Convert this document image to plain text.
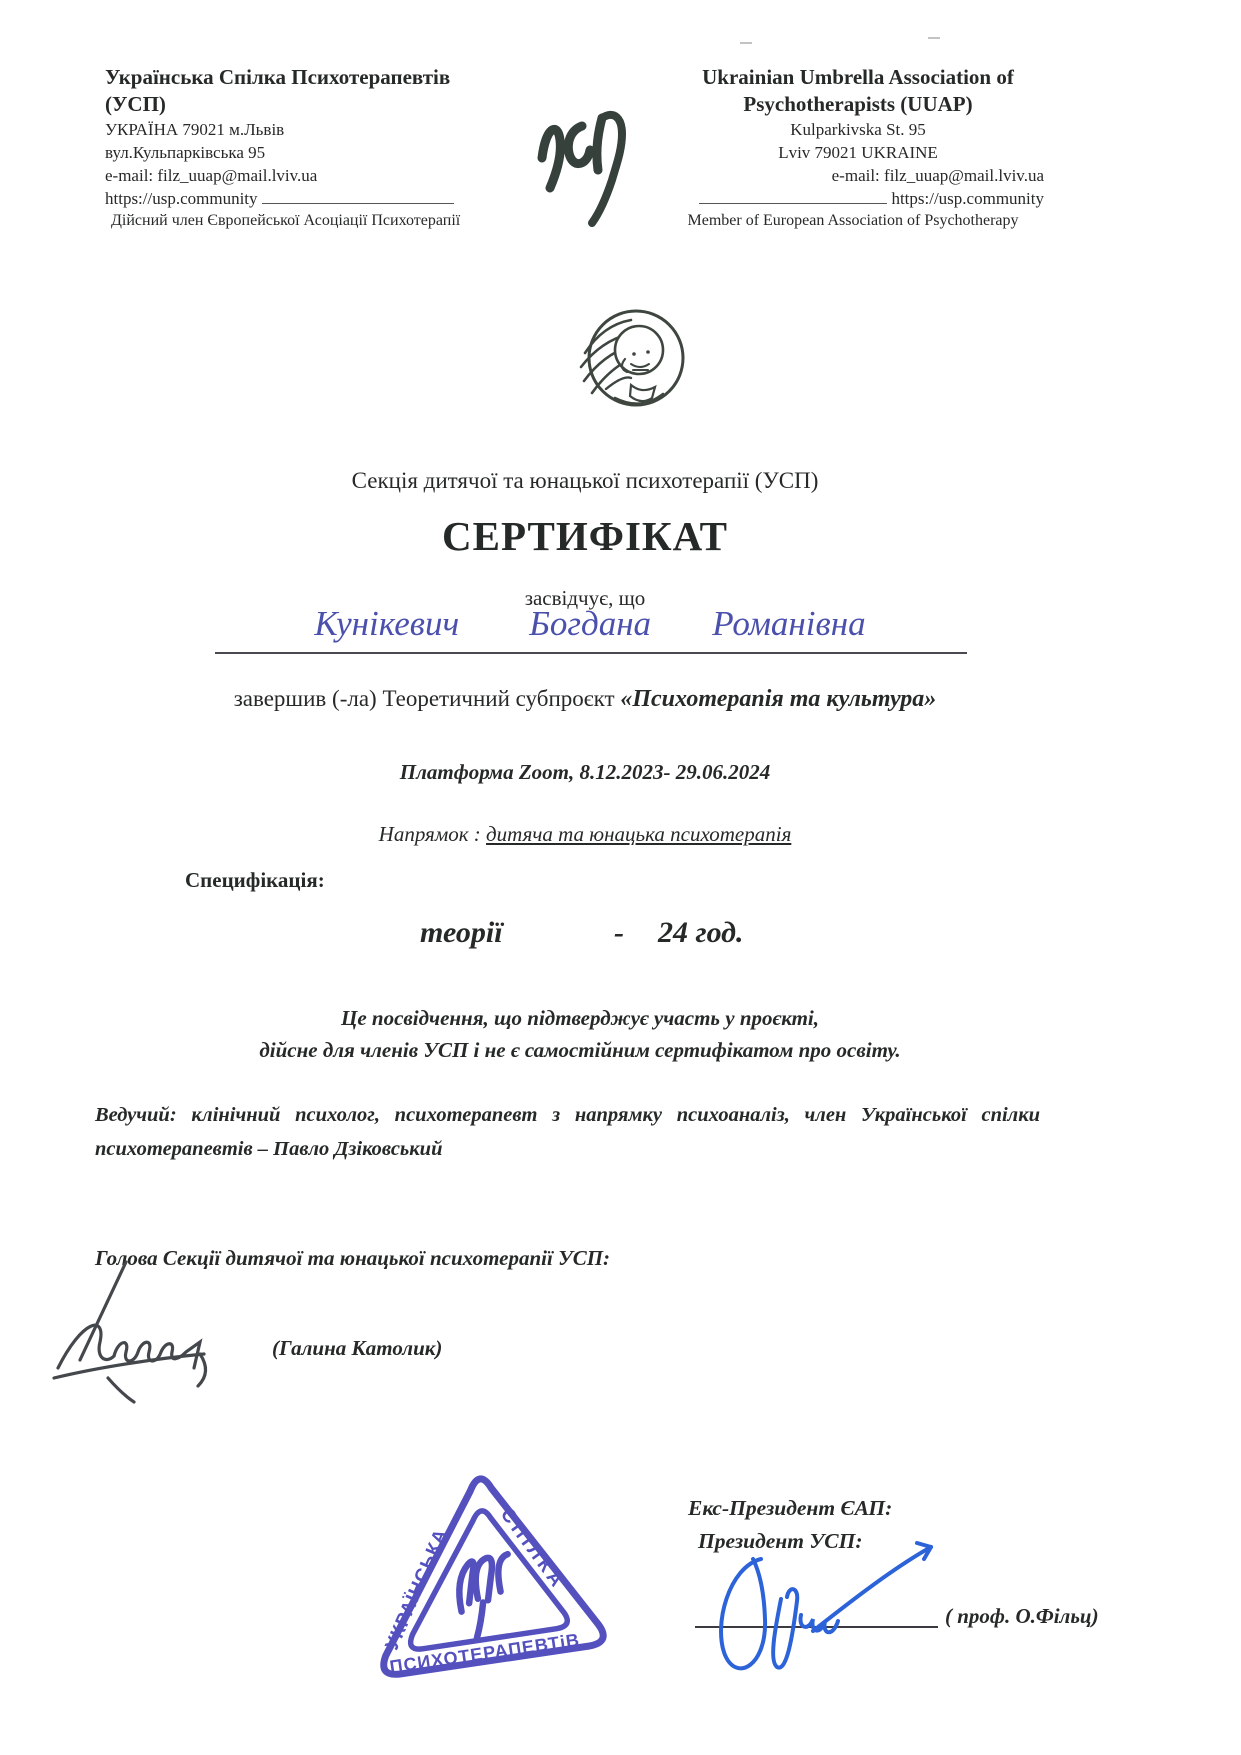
Українська Спілка Психотерапевтів
(УСП)
УКРАЇНА 79021 м.Львів
вул.Кульпарківська 95
e-mail: filz_uuap@mail.lviv.ua
https://usp.community
Дійсний член Європейської Асоціації Психотерапії
Ukrainian Umbrella Association of
Psychotherapists (UUAP)
Kulparkivska St. 95
Lviv 79021 UKRAINE
e-mail: filz_uuap@mail.lviv.ua
https://usp.community
Member of European Association of Psychotherapy
Секція дитячої та юнацької психотерапії (УСП)
СЕРТИФІКАТ
засвідчує, що
Кунікевич        Богдана       Романівна
завершив (-ла) Теоретичний субпроєкт «Психотерапія та культура»
Платформа Zoom, 8.12.2023- 29.06.2024
Напрямок : дитяча та юнацька психотерапія
Специфікація:
теорії	- 24 год.
Це посвідчення, що підтверджує участь у проєкті,
дійсне для членів УСП і не є самостійним сертифікатом про освіту.
Ведучий: клінічний психолог, психотерапевт з напрямку психоаналіз, член Української спілки психотерапевтів – Павло Дзіковський
Голова Секції дитячої та юнацької психотерапії УСП:
(Галина Католик)
УКРАЇНСЬКА
СПІЛКА
ПСИХОТЕРАПЕВТіВ
Екс-Президент ЄАП:
Президент УСП:
( проф. О.Фільц)
